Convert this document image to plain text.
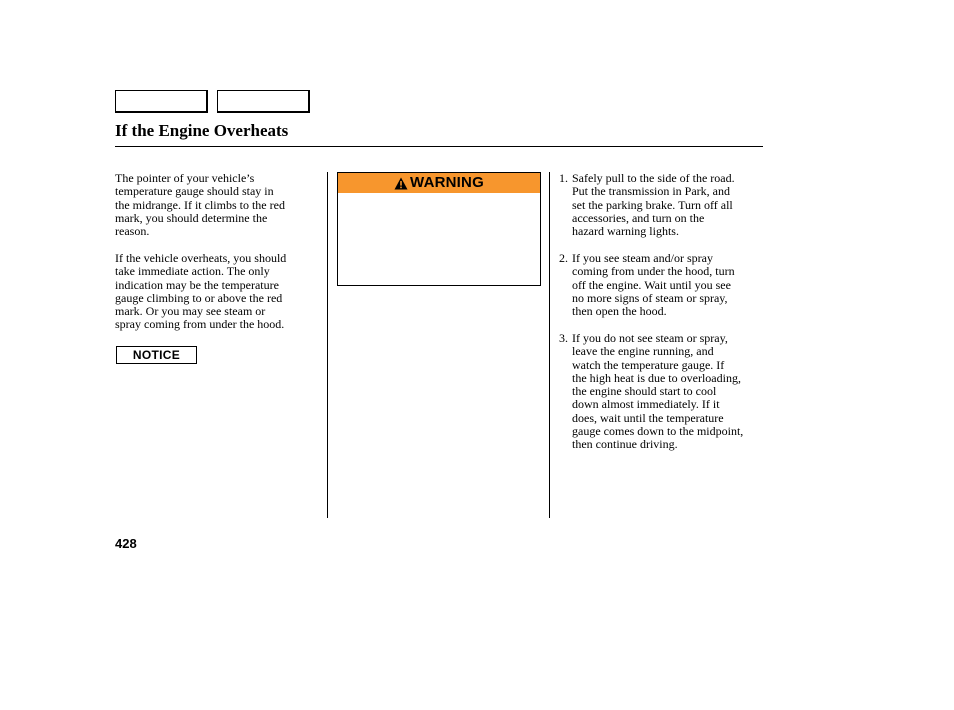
If the Engine Overheats
The pointer of your vehicle’s
temperature gauge should stay in
the midrange. If it climbs to the red
mark, you should determine the
reason.
If the vehicle overheats, you should
take immediate action. The only
indication may be the temperature
gauge climbing to or above the red
mark. Or you may see steam or
spray coming from under the hood.
NOTICE
WARNING	1. Safely pull to the side of the road.
Put the transmission in Park, and
set the parking brake. Turn off all
accessories, and turn on the
hazard warning lights.
2. If you see steam and/or spray
coming from under the hood, turn
off the engine. Wait until you see
no more signs of steam or spray,
then open the hood.
3. If you do not see steam or spray,
leave the engine running, and
watch the temperature gauge. If
the high heat is due to overloading,
the engine should start to cool
down almost immediately. If it
does, wait until the temperature
gauge comes down to the midpoint,
then continue driving.
428
